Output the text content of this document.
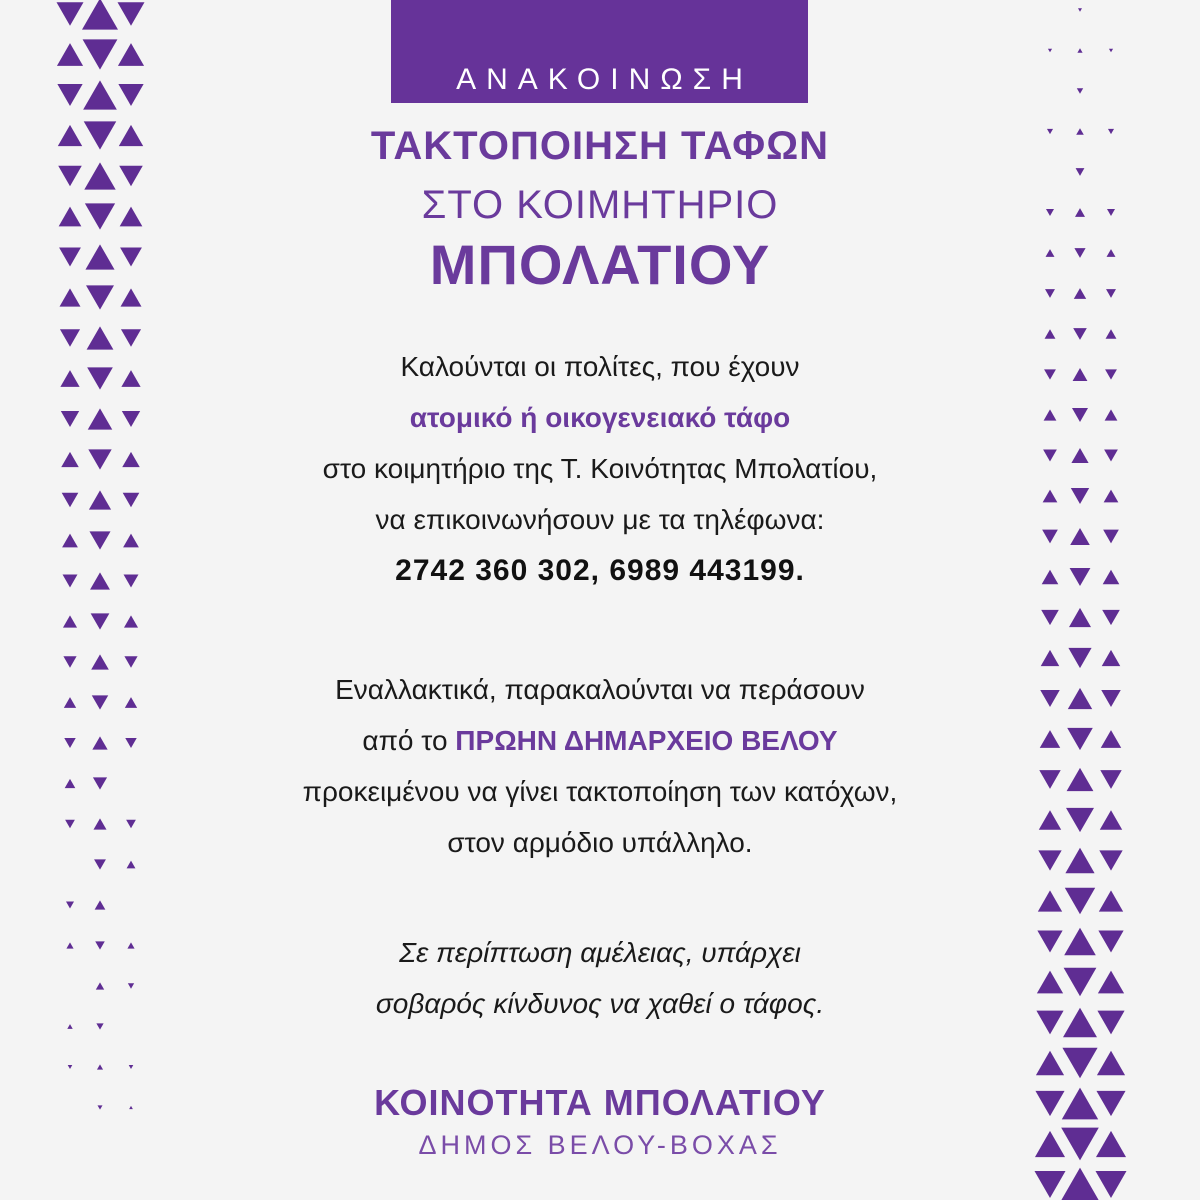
ΑΝΑΚΟΙΝΩΣΗ
ΤΑΚΤΟΠΟΙΗΣΗ ΤΑΦΩΝ
ΣΤΟ ΚΟΙΜΗΤΗΡΙΟ
ΜΠΟΛΑΤΙΟΥ
Καλούνται οι πολίτες, που έχουν
ατομικό ή οικογενειακό τάφο
στο κοιμητήριο της Τ. Κοινότητας Μπολατίου,
να επικοινωνήσουν με τα τηλέφωνα:
2742 360 302, 6989 443199.
Εναλλακτικά, παρακαλούνται να περάσουν
από το ΠΡΩΗΝ ΔΗΜΑΡΧΕΙΟ ΒΕΛΟΥ
προκειμένου να γίνει τακτοποίηση των κατόχων,
στον αρμόδιο υπάλληλο.
Σε περίπτωση αμέλειας, υπάρχει
σοβαρός κίνδυνος να χαθεί ο τάφος.
ΚΟΙΝΟΤΗΤΑ ΜΠΟΛΑΤΙΟΥ
ΔΗΜΟΣ ΒΕΛΟΥ-ΒΟΧΑΣ
